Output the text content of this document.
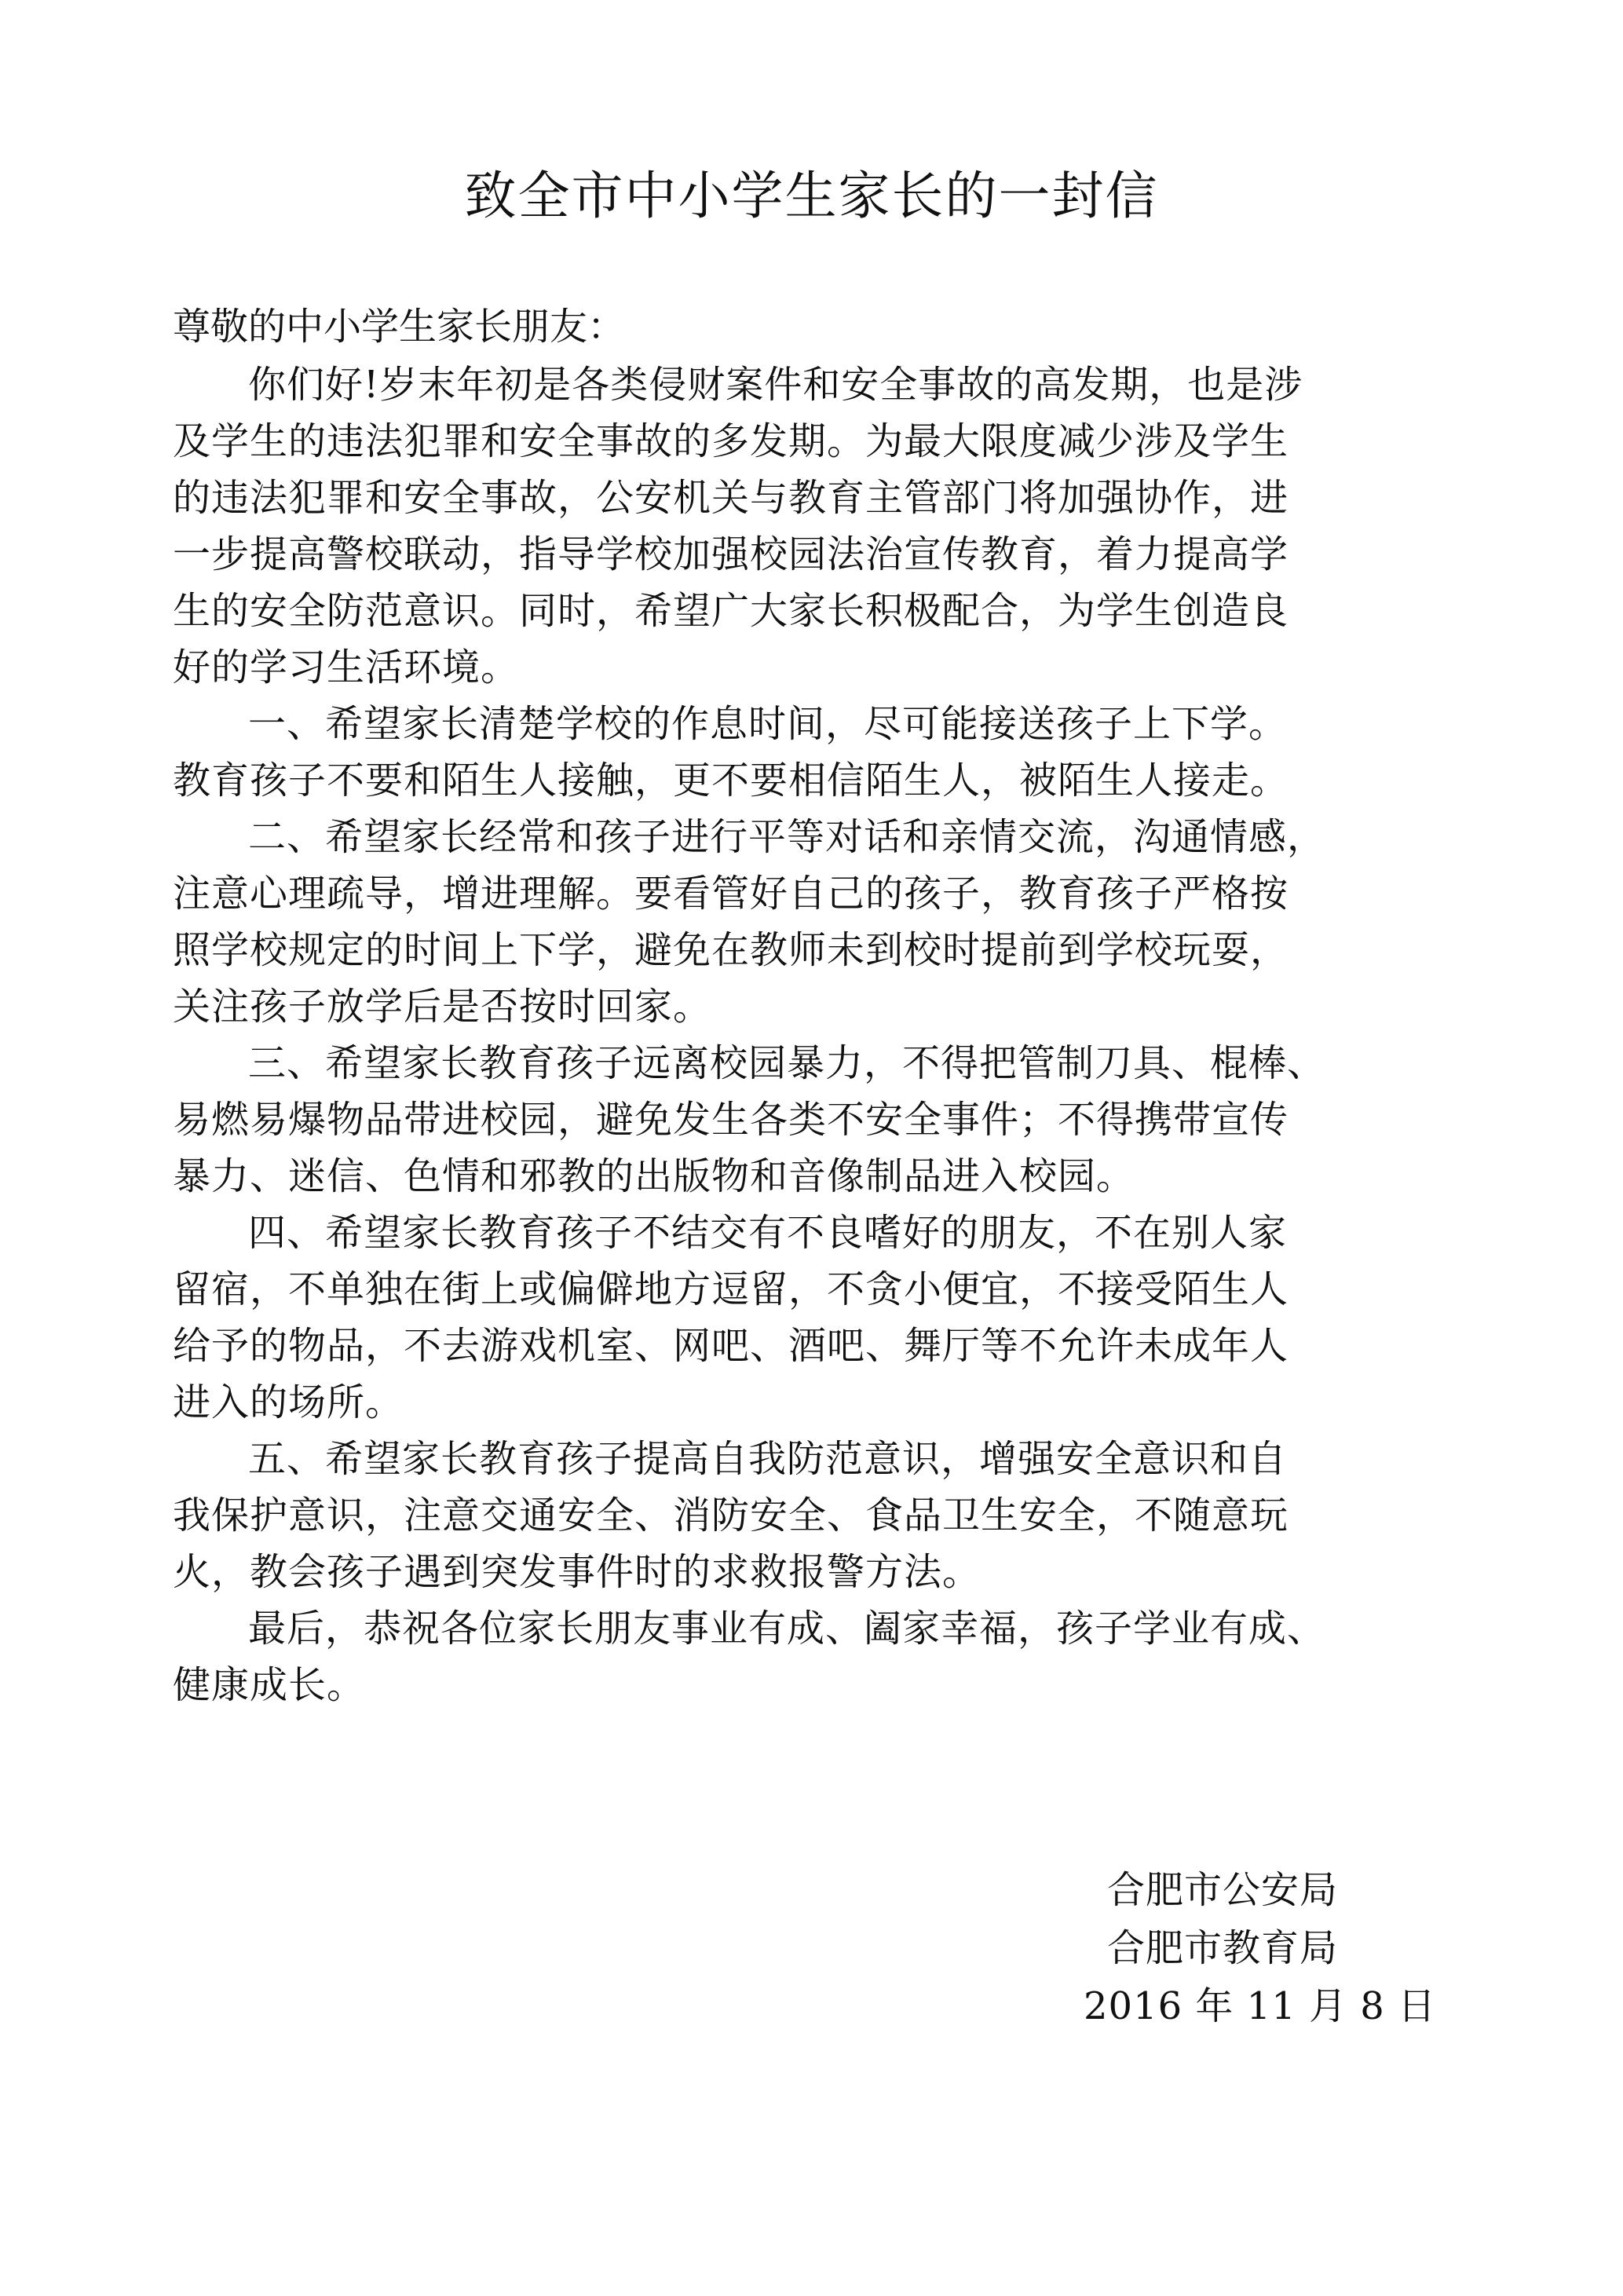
致全市中小学生家长的一封信
尊敬的中小学生家长朋友：
你们好!岁末年初是各类侵财案件和安全事故的高发期，也是涉
及学生的违法犯罪和安全事故的多发期。为最大限度减少涉及学生
的违法犯罪和安全事故，公安机关与教育主管部门将加强协作，进
一步提高警校联动，指导学校加强校园法治宣传教育，着力提高学
生的安全防范意识。同时，希望广大家长积极配合，为学生创造良
好的学习生活环境。
一、希望家长清楚学校的作息时间，尽可能接送孩子上下学。
教育孩子不要和陌生人接触，更不要相信陌生人，被陌生人接走。
二、希望家长经常和孩子进行平等对话和亲情交流，沟通情感，
注意心理疏导，增进理解。要看管好自己的孩子，教育孩子严格按
照学校规定的时间上下学，避免在教师未到校时提前到学校玩耍，
关注孩子放学后是否按时回家。
三、希望家长教育孩子远离校园暴力，不得把管制刀具、棍棒、
易燃易爆物品带进校园，避免发生各类不安全事件；不得携带宣传
暴力、迷信、色情和邪教的出版物和音像制品进入校园。
四、希望家长教育孩子不结交有不良嗜好的朋友，不在别人家
留宿，不单独在街上或偏僻地方逗留，不贪小便宜，不接受陌生人
给予的物品，不去游戏机室、网吧、酒吧、舞厅等不允许未成年人
进入的场所。
五、希望家长教育孩子提高自我防范意识，增强安全意识和自
我保护意识，注意交通安全、消防安全、食品卫生安全，不随意玩
火，教会孩子遇到突发事件时的求救报警方法。
最后，恭祝各位家长朋友事业有成、阖家幸福，孩子学业有成、
健康成长。
合肥市公安局
合肥市教育局
2016 年 11 月 8 日
